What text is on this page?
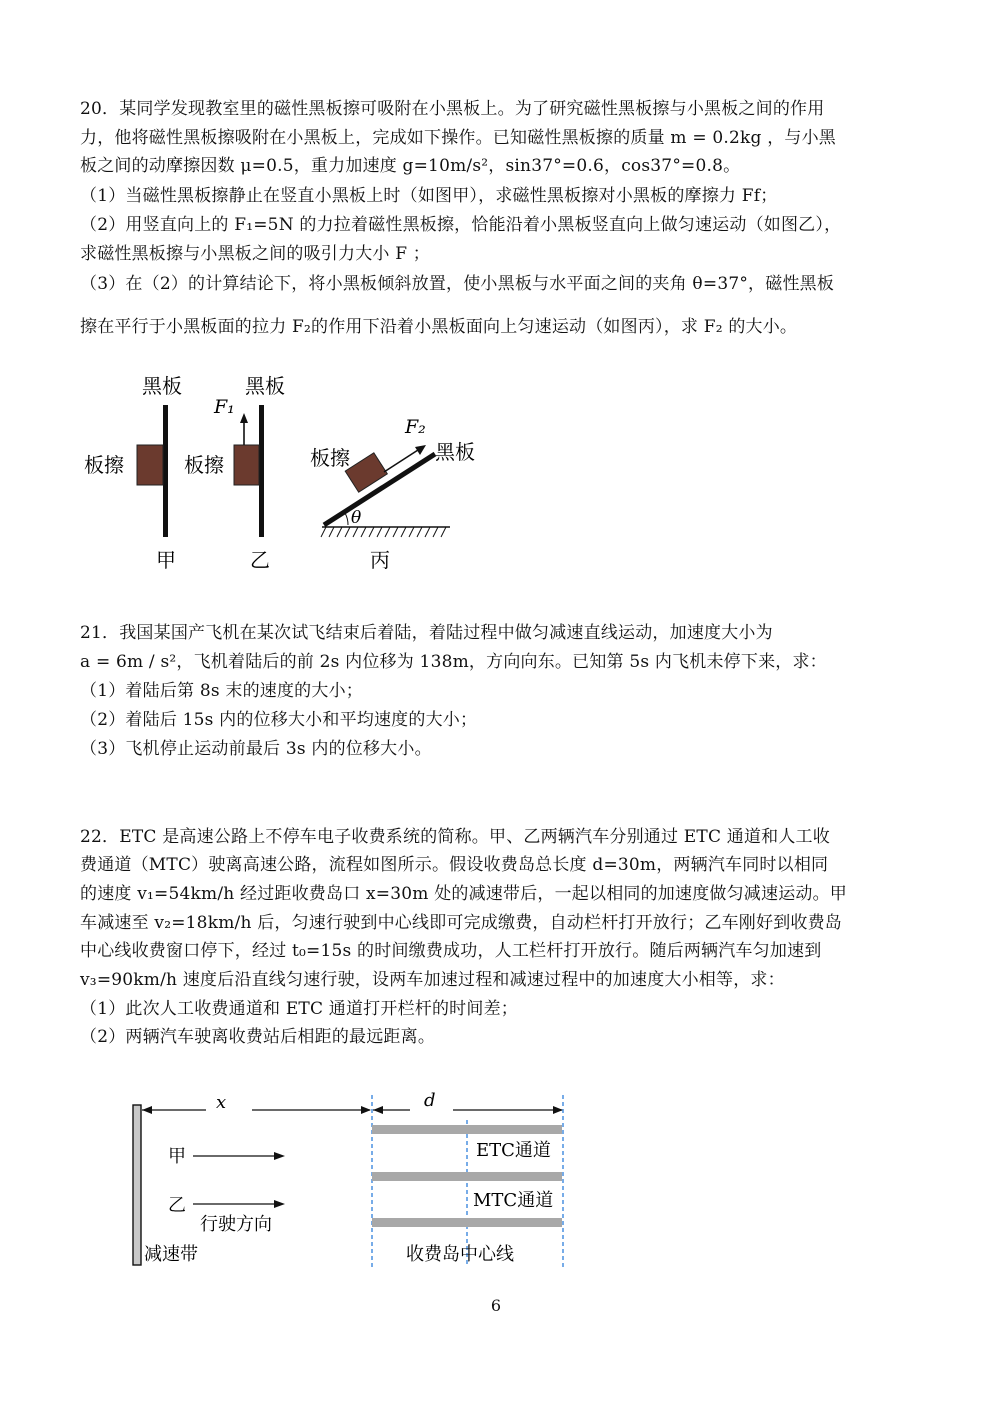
20．某同学发现教室里的磁性黑板擦可吸附在小黑板上。为了研究磁性黑板擦与小黑板之间的作用
力，他将磁性黑板擦吸附在小黑板上，完成如下操作。已知磁性黑板擦的质量 m = 0.2kg ，与小黑
板之间的动摩擦因数 μ=0.5，重力加速度 g=10m/s²，sin37°=0.6，cos37°=0.8。
（1）当磁性黑板擦静止在竖直小黑板上时（如图甲），求磁性黑板擦对小黑板的摩擦力 Ff；
（2）用竖直向上的 F₁=5N 的力拉着磁性黑板擦，恰能沿着小黑板竖直向上做匀速运动（如图乙），
求磁性黑板擦与小黑板之间的吸引力大小 F ；
（3）在（2）的计算结论下，将小黑板倾斜放置，使小黑板与水平面之间的夹角 θ=37°，磁性黑板
擦在平行于小黑板面的拉力 F₂的作用下沿着小黑板面向上匀速运动（如图丙），求 F₂ 的大小。
黑板
板擦
甲
黑板
F₁
板擦
乙
θ
F₂
黑板
板擦
丙
21．我国某国产飞机在某次试飞结束后着陆，着陆过程中做匀减速直线运动，加速度大小为
a = 6m / s²，飞机着陆后的前 2s 内位移为 138m，方向向东。已知第 5s 内飞机未停下来，求：
（1）着陆后第 8s 末的速度的大小；
（2）着陆后 15s 内的位移大小和平均速度的大小；
（3）飞机停止运动前最后 3s 内的位移大小。
22．ETC 是高速公路上不停车电子收费系统的简称。甲、乙两辆汽车分别通过 ETC 通道和人工收
费通道（MTC）驶离高速公路，流程如图所示。假设收费岛总长度 d=30m，两辆汽车同时以相同
的速度 v₁=54km/h 经过距收费岛口 x=30m 处的减速带后，一起以相同的加速度做匀减速运动。甲
车减速至 v₂=18km/h 后，匀速行驶到中心线即可完成缴费，自动栏杆打开放行；乙车刚好到收费岛
中心线收费窗口停下，经过 t₀=15s 的时间缴费成功，人工栏杆打开放行。随后两辆汽车匀加速到
v₃=90km/h 速度后沿直线匀速行驶，设两车加速过程和减速过程中的加速度大小相等，求：
（1）此次人工收费通道和 ETC 通道打开栏杆的时间差；
（2）两辆汽车驶离收费站后相距的最远距离。
x	d
ETC通道
MTC通道
甲
乙
行驶方向
减速带	收费岛中心线
6
